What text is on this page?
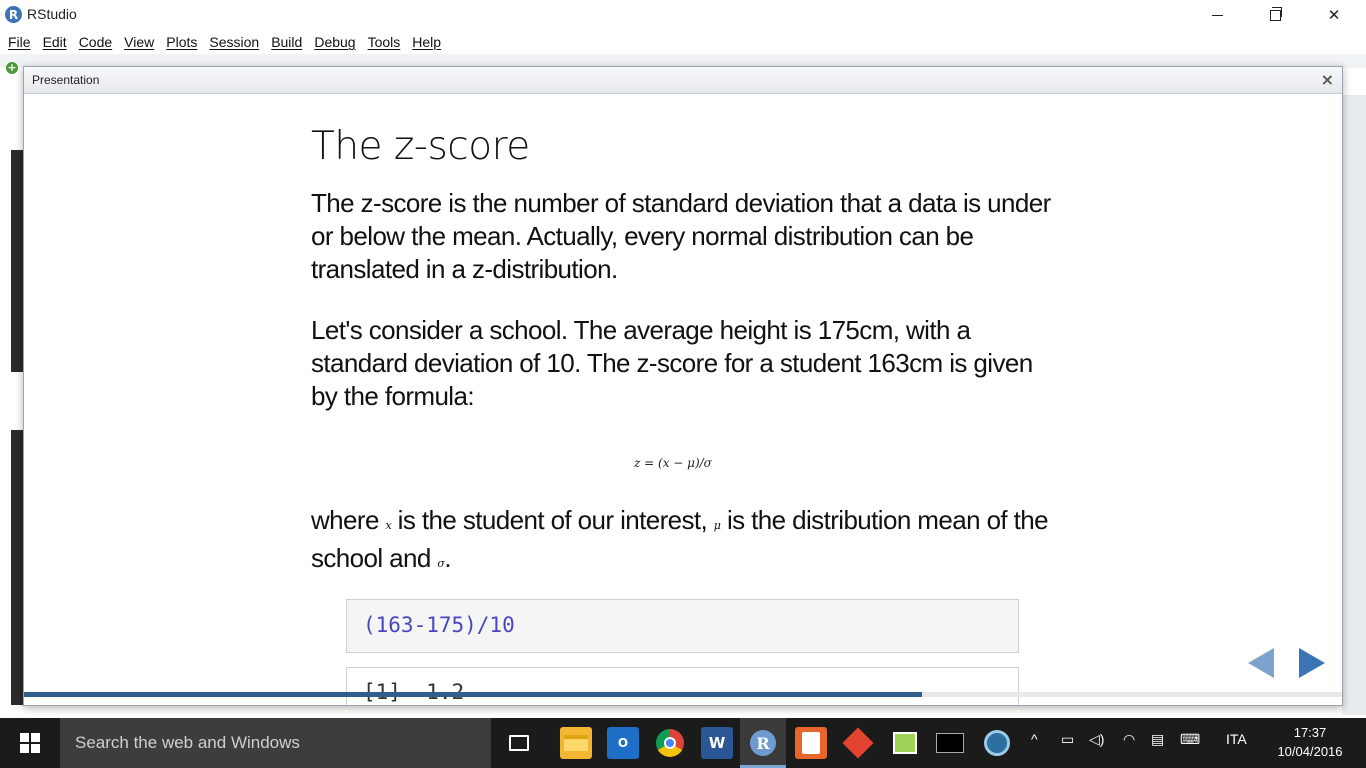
R RStudio	✕
File Edit Code View Plots Session Build Debug Tools Help
+
Presentation	×
The z-score
The z-score is the number of standard deviation that a data is under or below the mean. Actually, every normal distribution can be translated in a z-distribution.
Let's consider a school. The average height is 175cm, with a standard deviation of 10. The z-score for a student 163cm is given by the formula:
z = (x − μ)/σ
where x is the student of our interest, μ is the distribution mean of the school and σ.
(163-175)/10
Search the web and Windows	O	W	R	^ ▭ ◁) ◠ ▤ ⌨ ITA	17:37
10/04/2016
